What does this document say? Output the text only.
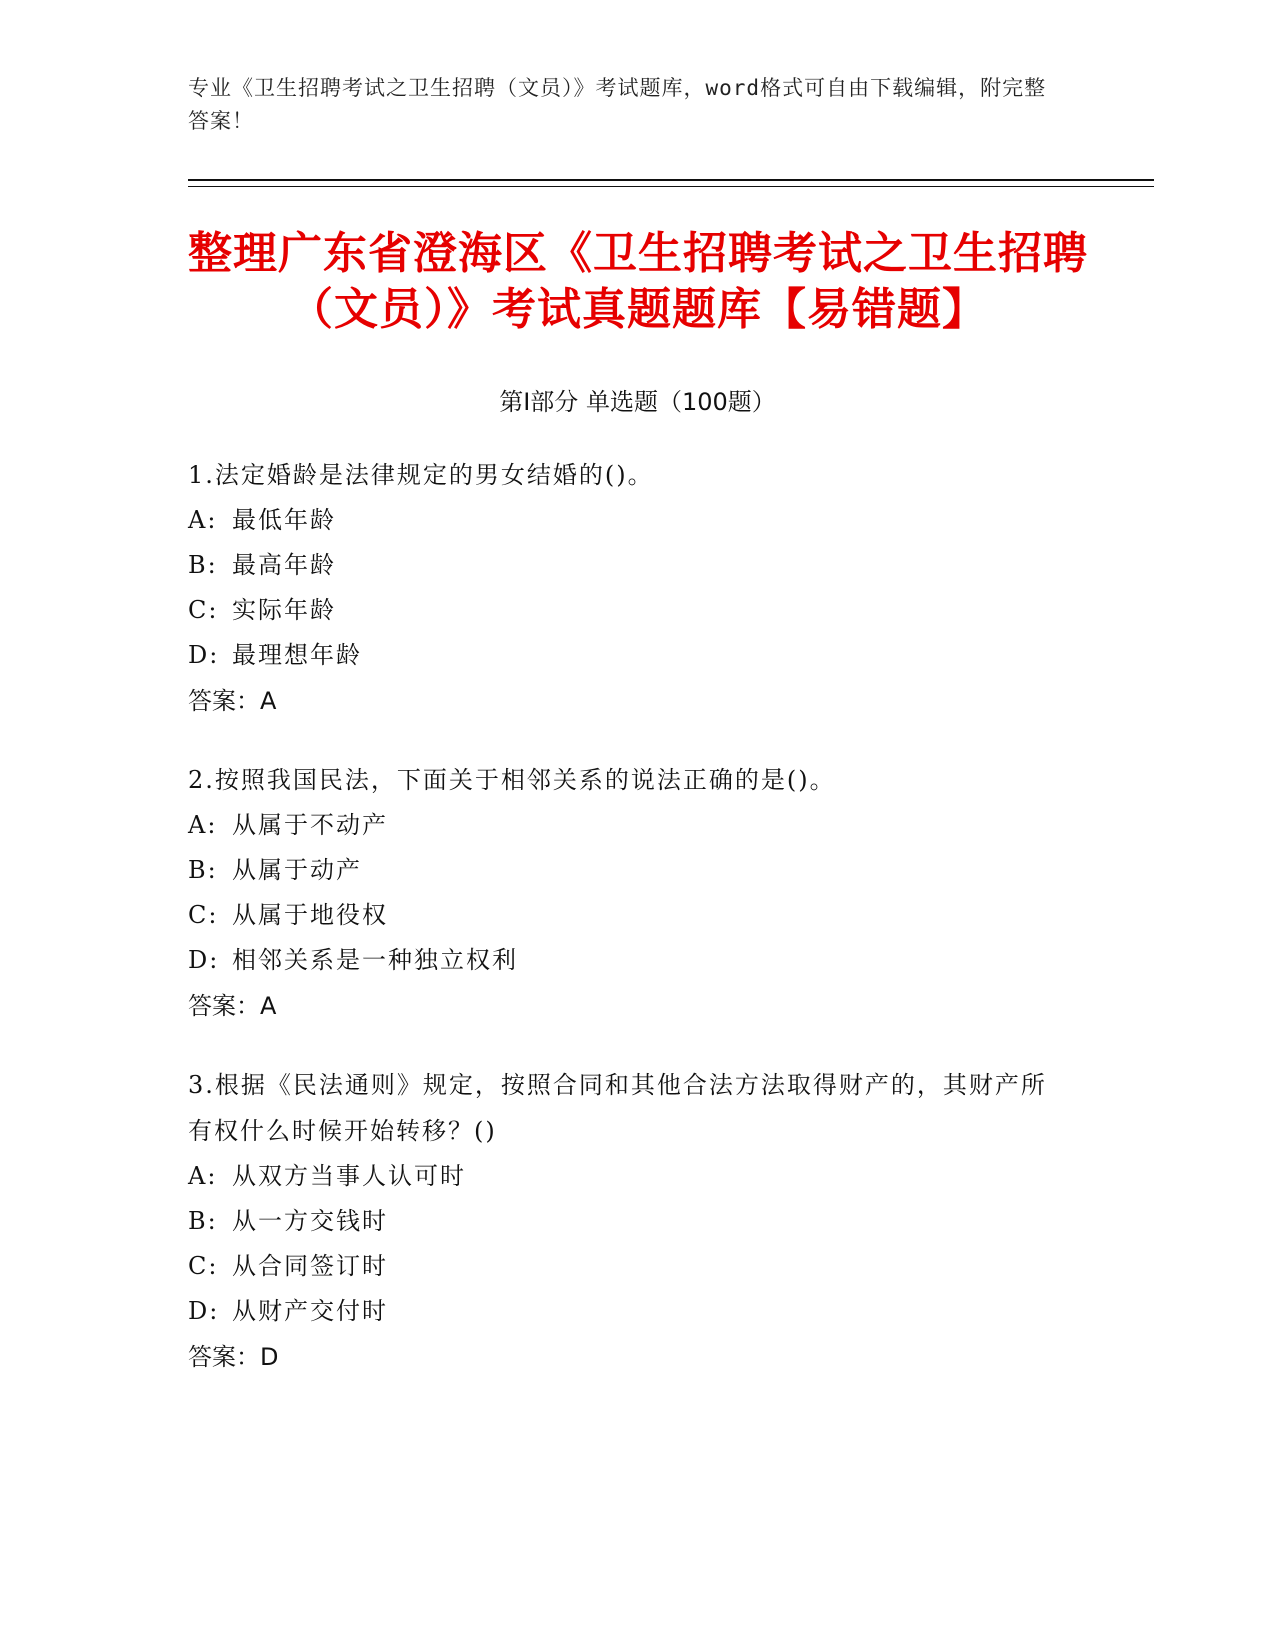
专业《卫生招聘考试之卫生招聘（文员）》考试题库，word格式可自由下载编辑，附完整答案！
整理广东省澄海区《卫生招聘考试之卫生招聘（文员）》考试真题题库【易错题】
第Ⅰ部分 单选题（100题）
1.法定婚龄是法律规定的男女结婚的()。
A: 最低年龄
B: 最高年龄
C: 实际年龄
D: 最理想年龄
答案：A
2.按照我国民法，下面关于相邻关系的说法正确的是()。
A: 从属于不动产
B: 从属于动产
C: 从属于地役权
D: 相邻关系是一种独立权利
答案：A
3.根据《民法通则》规定，按照合同和其他合法方法取得财产的，其财产所有权什么时候开始转移？()
A: 从双方当事人认可时
B: 从一方交钱时
C: 从合同签订时
D: 从财产交付时
答案：D
